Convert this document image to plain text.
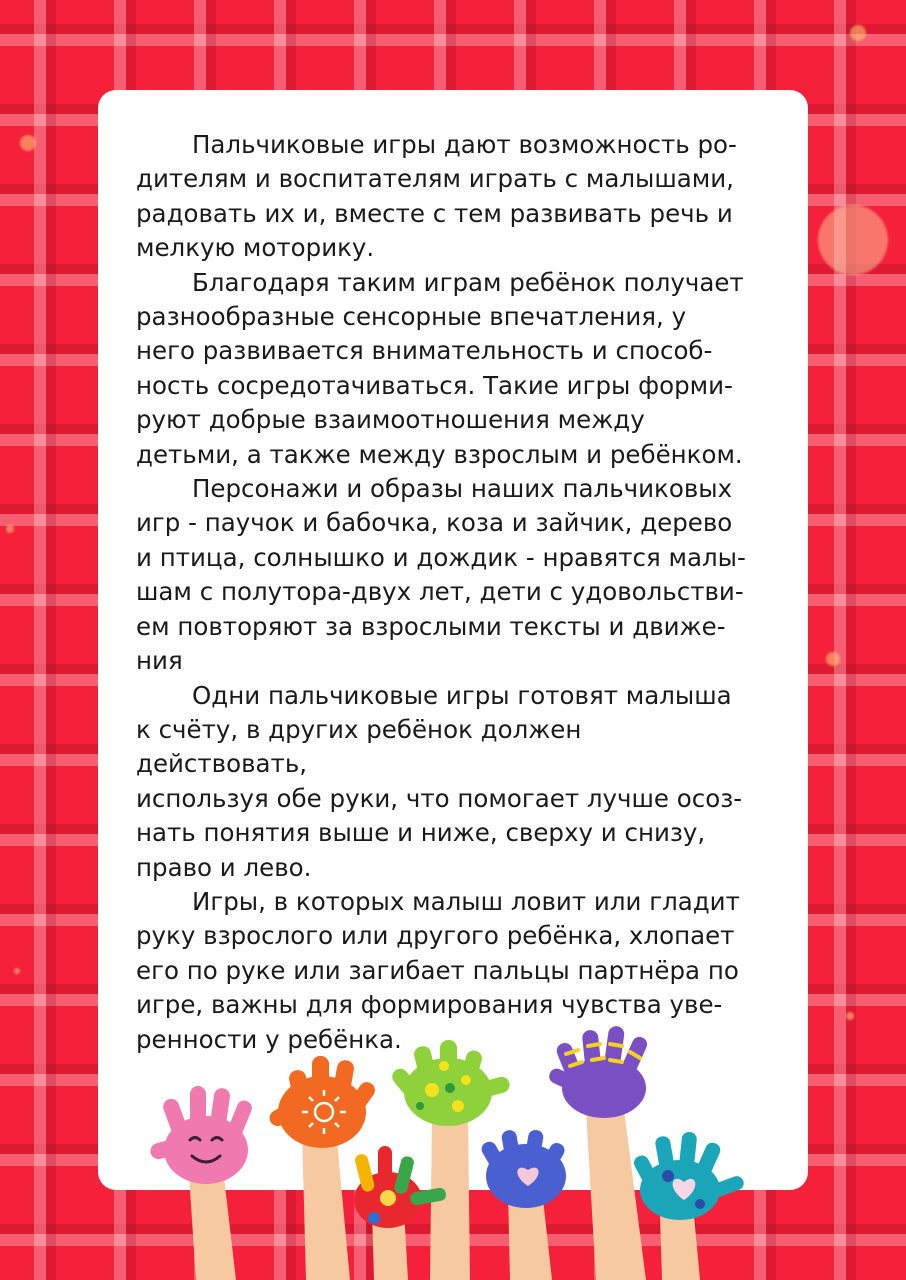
Пальчиковые игры дают возможность ро-
дителям и воспитателям играть с малышами,
радовать их и, вместе с тем развивать речь и
мелкую моторику.

Благодаря таким играм ребёнок получает
разнообразные сенсорные впечатления, у
него развивается внимательность и способ-
ность сосредотачиваться. Такие игры форми-
руют добрые взаимоотношения между
детьми, а также между взрослым и ребёнком.

Персонажи и образы наших пальчиковых
игр - паучок и бабочка, коза и зайчик, дерево
и птица, солнышко и дождик - нравятся малы-
шам с полутора-двух лет, дети с удовольстви-
ем повторяют за взрослыми тексты и движе-
ния

Одни пальчиковые игры готовят малыша
к счёту, в других ребёнок должен действовать,
используя обе руки, что помогает лучше осоз-
нать понятия выше и ниже, сверху и снизу,
право и лево.

Игры, в которых малыш ловит или гладит
руку взрослого или другого ребёнка, хлопает
его по руке или загибает пальцы партнёра по
игре, важны для формирования чувства уве-
ренности у ребёнка.
